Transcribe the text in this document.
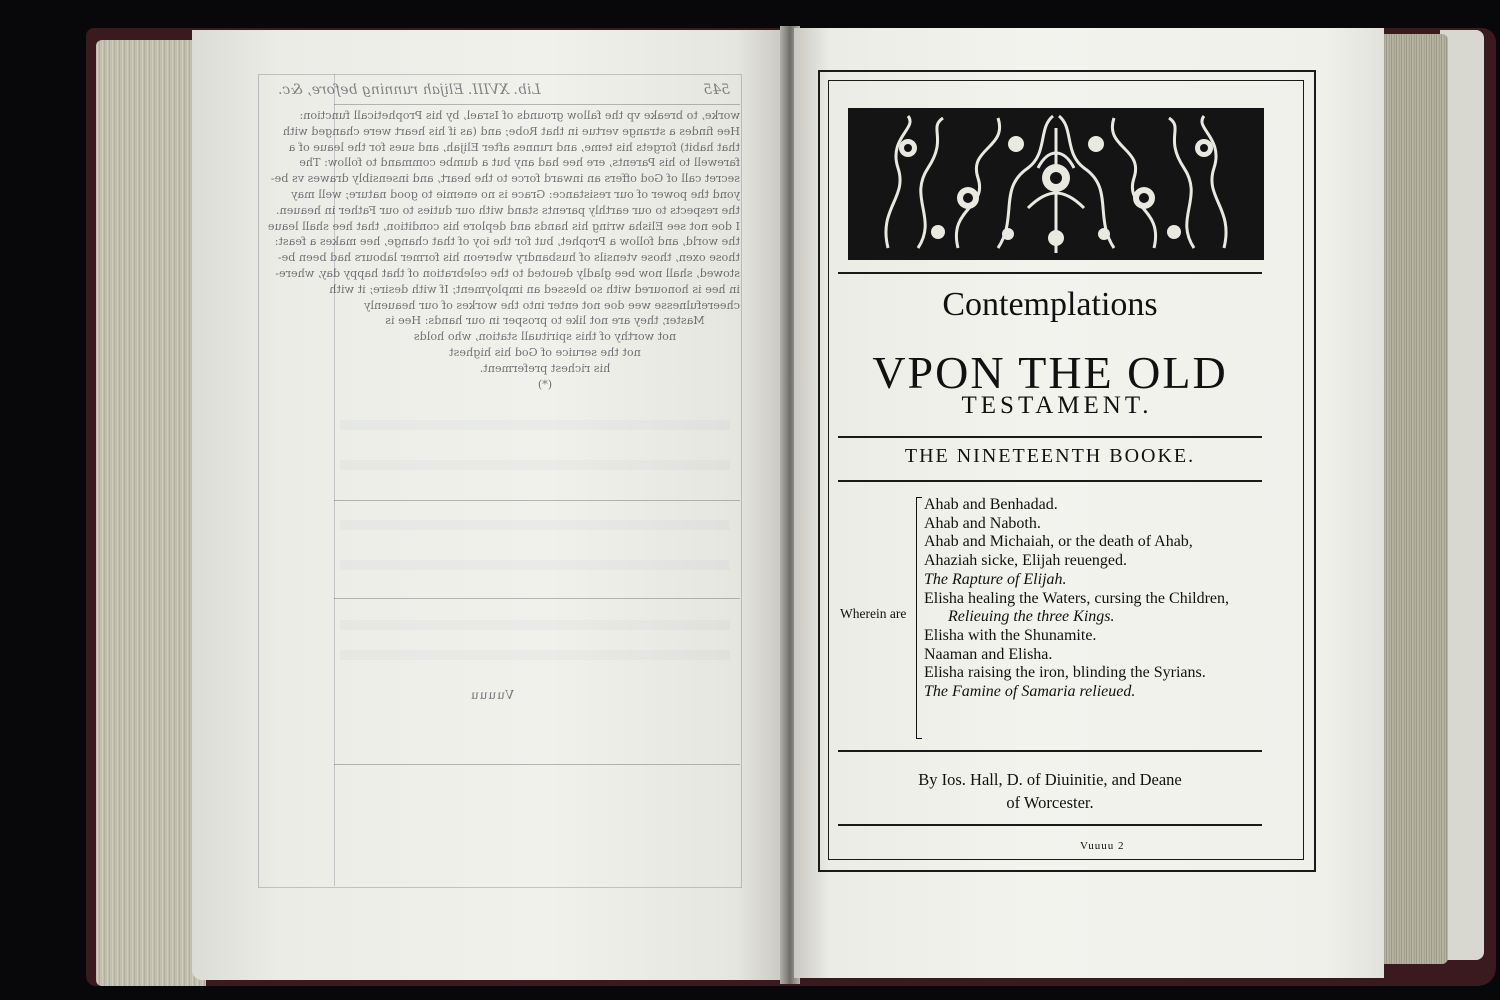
545
Lib. XVIII. Elijah running before, &c.
worke, to breake vp the fallow grounds of Israel, by his Propheticall function:
Hee findes a strange vertue in that Robe; and (as if his heart were changed with
that habit) forgets his teme, and runnes after Elijah, and sues for the leaue of a
farewell to his Parents, ere hee had any but a dumbe command to follow: The
secret call of God offers an inward force to the heart, and insensibly drawes vs be-
yond the power of our resistance: Grace is no enemie to good nature; well may
the respects to our earthly parents stand with our duties to our Father in heauen.
I doe not see Elisha wring his hands and deplore his condition, that hee shall leaue
the world, and follow a Prophet, but for the ioy of that change, hee makes a feast:
those oxen, those vtensils of husbandry whereon his former labours had been be-
stowed, shall now bee gladly deuoted to the celebration of that happy day, where-
in hee is honoured with so blessed an imployment; If with desire; it with
cheerefulnesse wee doe not enter into the workes of our heauenly
Master, they are not like to prosper in our hands: Hee is
not worthy of this spirituall station, who holds
not the seruice of God his highest
his richest preferment.
(*)
Vuuuu
Contemplations
VPON THE OLD
TESTAMENT.
THE NINETEENTH BOOKE.
Wherein are
Ahab and Benhadad.
Ahab and Naboth.
Ahab and Michaiah, or the death of Ahab,
Ahaziah sicke, Elijah reuenged.
The Rapture of Elijah.
Elisha healing the Waters, cursing the Children,
Relieuing the three Kings.
Elisha with the Shunamite.
Naaman and Elisha.
Elisha raising the iron, blinding the Syrians.
The Famine of Samaria relieued.
By Ios. Hall, D. of Diuinitie, and Deane
of Worcester.
Vuuuu 2
